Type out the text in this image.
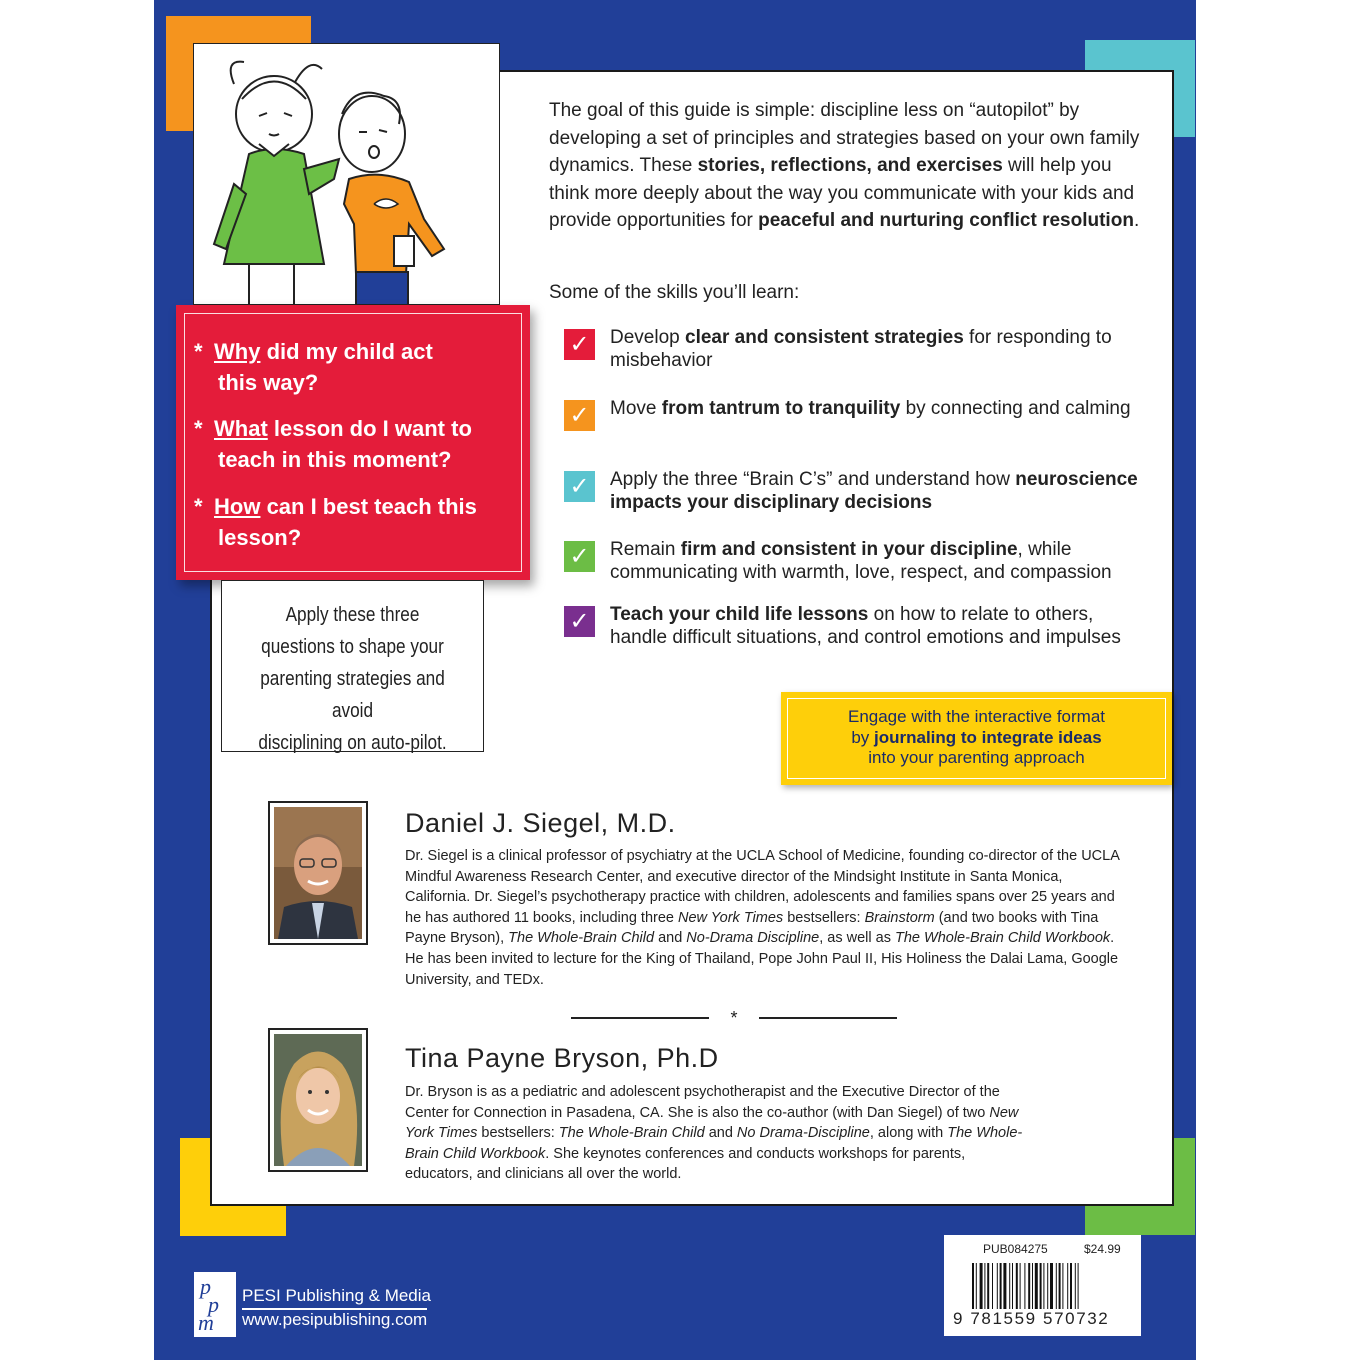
* Why did my child act
this way?
* What lesson do I want to
teach in this moment?
* How can I best teach this
lesson?
Apply these three
questions to shape your
parenting strategies and avoid
disciplining on auto-pilot.
The goal of this guide is simple: discipline less on “autopilot” by developing a set of principles and strategies based on your own family dynamics. These stories, reflections, and exercises will help you think more deeply about the way you communicate with your kids and provide opportunities for peaceful and nurturing conflict resolution.
Some of the skills you’ll learn:
✓ Develop clear and consistent strategies for responding to misbehavior
✓ Move from tantrum to tranquility by connecting and calming
✓ Apply the three “Brain C’s” and understand how neuroscience impacts your disciplinary decisions
✓ Remain firm and consistent in your discipline, while communicating with warmth, love, respect, and compassion
✓ Teach your child life lessons on how to relate to others, handle difficult situations, and control emotions and impulses
Engage with the interactive format
by journaling to integrate ideas
into your parenting approach
Daniel J. Siegel, M.D.
Dr. Siegel is a clinical professor of psychiatry at the UCLA School of Medicine, founding co-director of the UCLA Mindful Awareness Research Center, and executive director of the Mindsight Institute in Santa Monica, California. Dr. Siegel’s psychotherapy practice with children, adolescents and families spans over 25 years and he has authored 11 books, including three New York Times bestsellers: Brainstorm (and two books with Tina Payne Bryson), The Whole-Brain Child and No-Drama Discipline, as well as The Whole-Brain Child Workbook. He has been invited to lecture for the King of Thailand, Pope John Paul II, His Holiness the Dalai Lama, Google University, and TEDx.
*
Tina Payne Bryson, Ph.D
Dr. Bryson is as a pediatric and adolescent psychotherapist and the Executive Director of the Center for Connection in Pasadena, CA. She is also the co-author (with Dan Siegel) of two New York Times bestsellers: The Whole-Brain Child and No Drama-Discipline, along with The Whole-Brain Child Workbook. She keynotes conferences and conducts workshops for parents, educators, and clinicians all over the world.
p
p
m
PESI Publishing & Media
www.pesipublishing.com
PUB084275	$24.99
9 781559 570732
